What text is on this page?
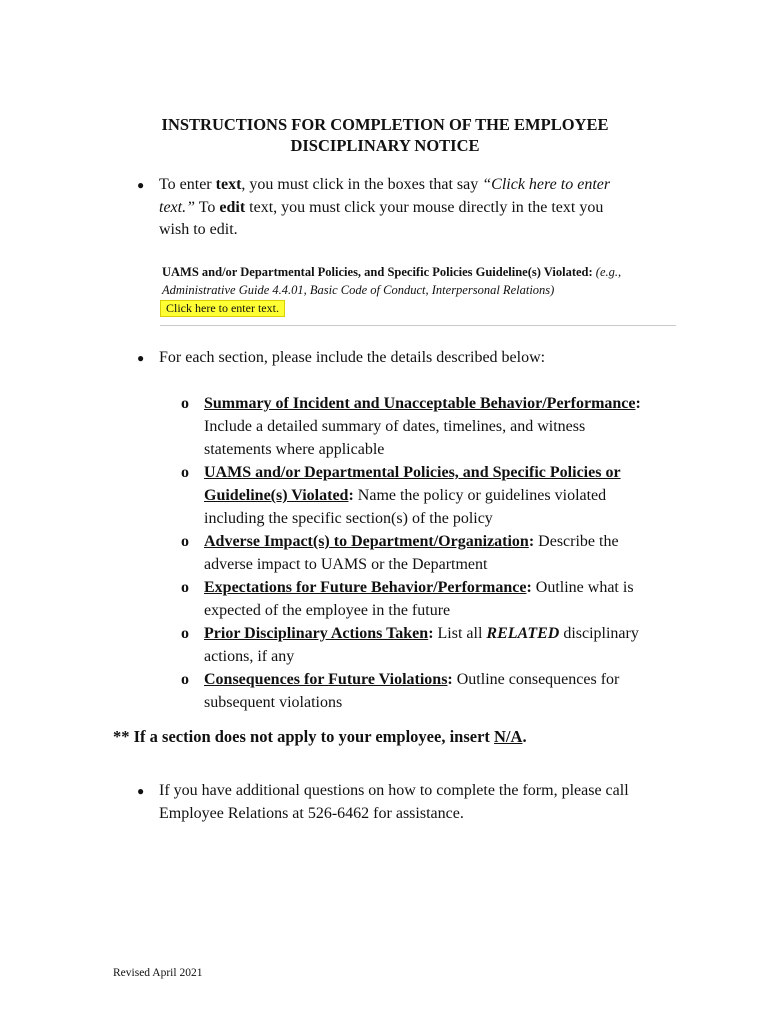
INSTRUCTIONS FOR COMPLETION OF THE EMPLOYEE
DISCIPLINARY NOTICE
● To enter text, you must click in the boxes that say “Click here to enter text.” To edit text, you must click your mouse directly in the text you wish to edit.
UAMS and/or Departmental Policies, and Specific Policies Guideline(s) Violated: (e.g., Administrative Guide 4.4.01, Basic Code of Conduct, Interpersonal Relations)
Click here to enter text.
● For each section, please include the details described below:
o Summary of Incident and Unacceptable Behavior/Performance: Include a detailed summary of dates, timelines, and witness statements where applicable
o UAMS and/or Departmental Policies, and Specific Policies or Guideline(s) Violated: Name the policy or guidelines violated including the specific section(s) of the policy
o Adverse Impact(s) to Department/Organization: Describe the adverse impact to UAMS or the Department
o Expectations for Future Behavior/Performance: Outline what is expected of the employee in the future
o Prior Disciplinary Actions Taken: List all RELATED disciplinary actions, if any
o Consequences for Future Violations: Outline consequences for subsequent violations
** If a section does not apply to your employee, insert N/A.
● If you have additional questions on how to complete the form, please call Employee Relations at 526-6462 for assistance.
Revised April 2021
